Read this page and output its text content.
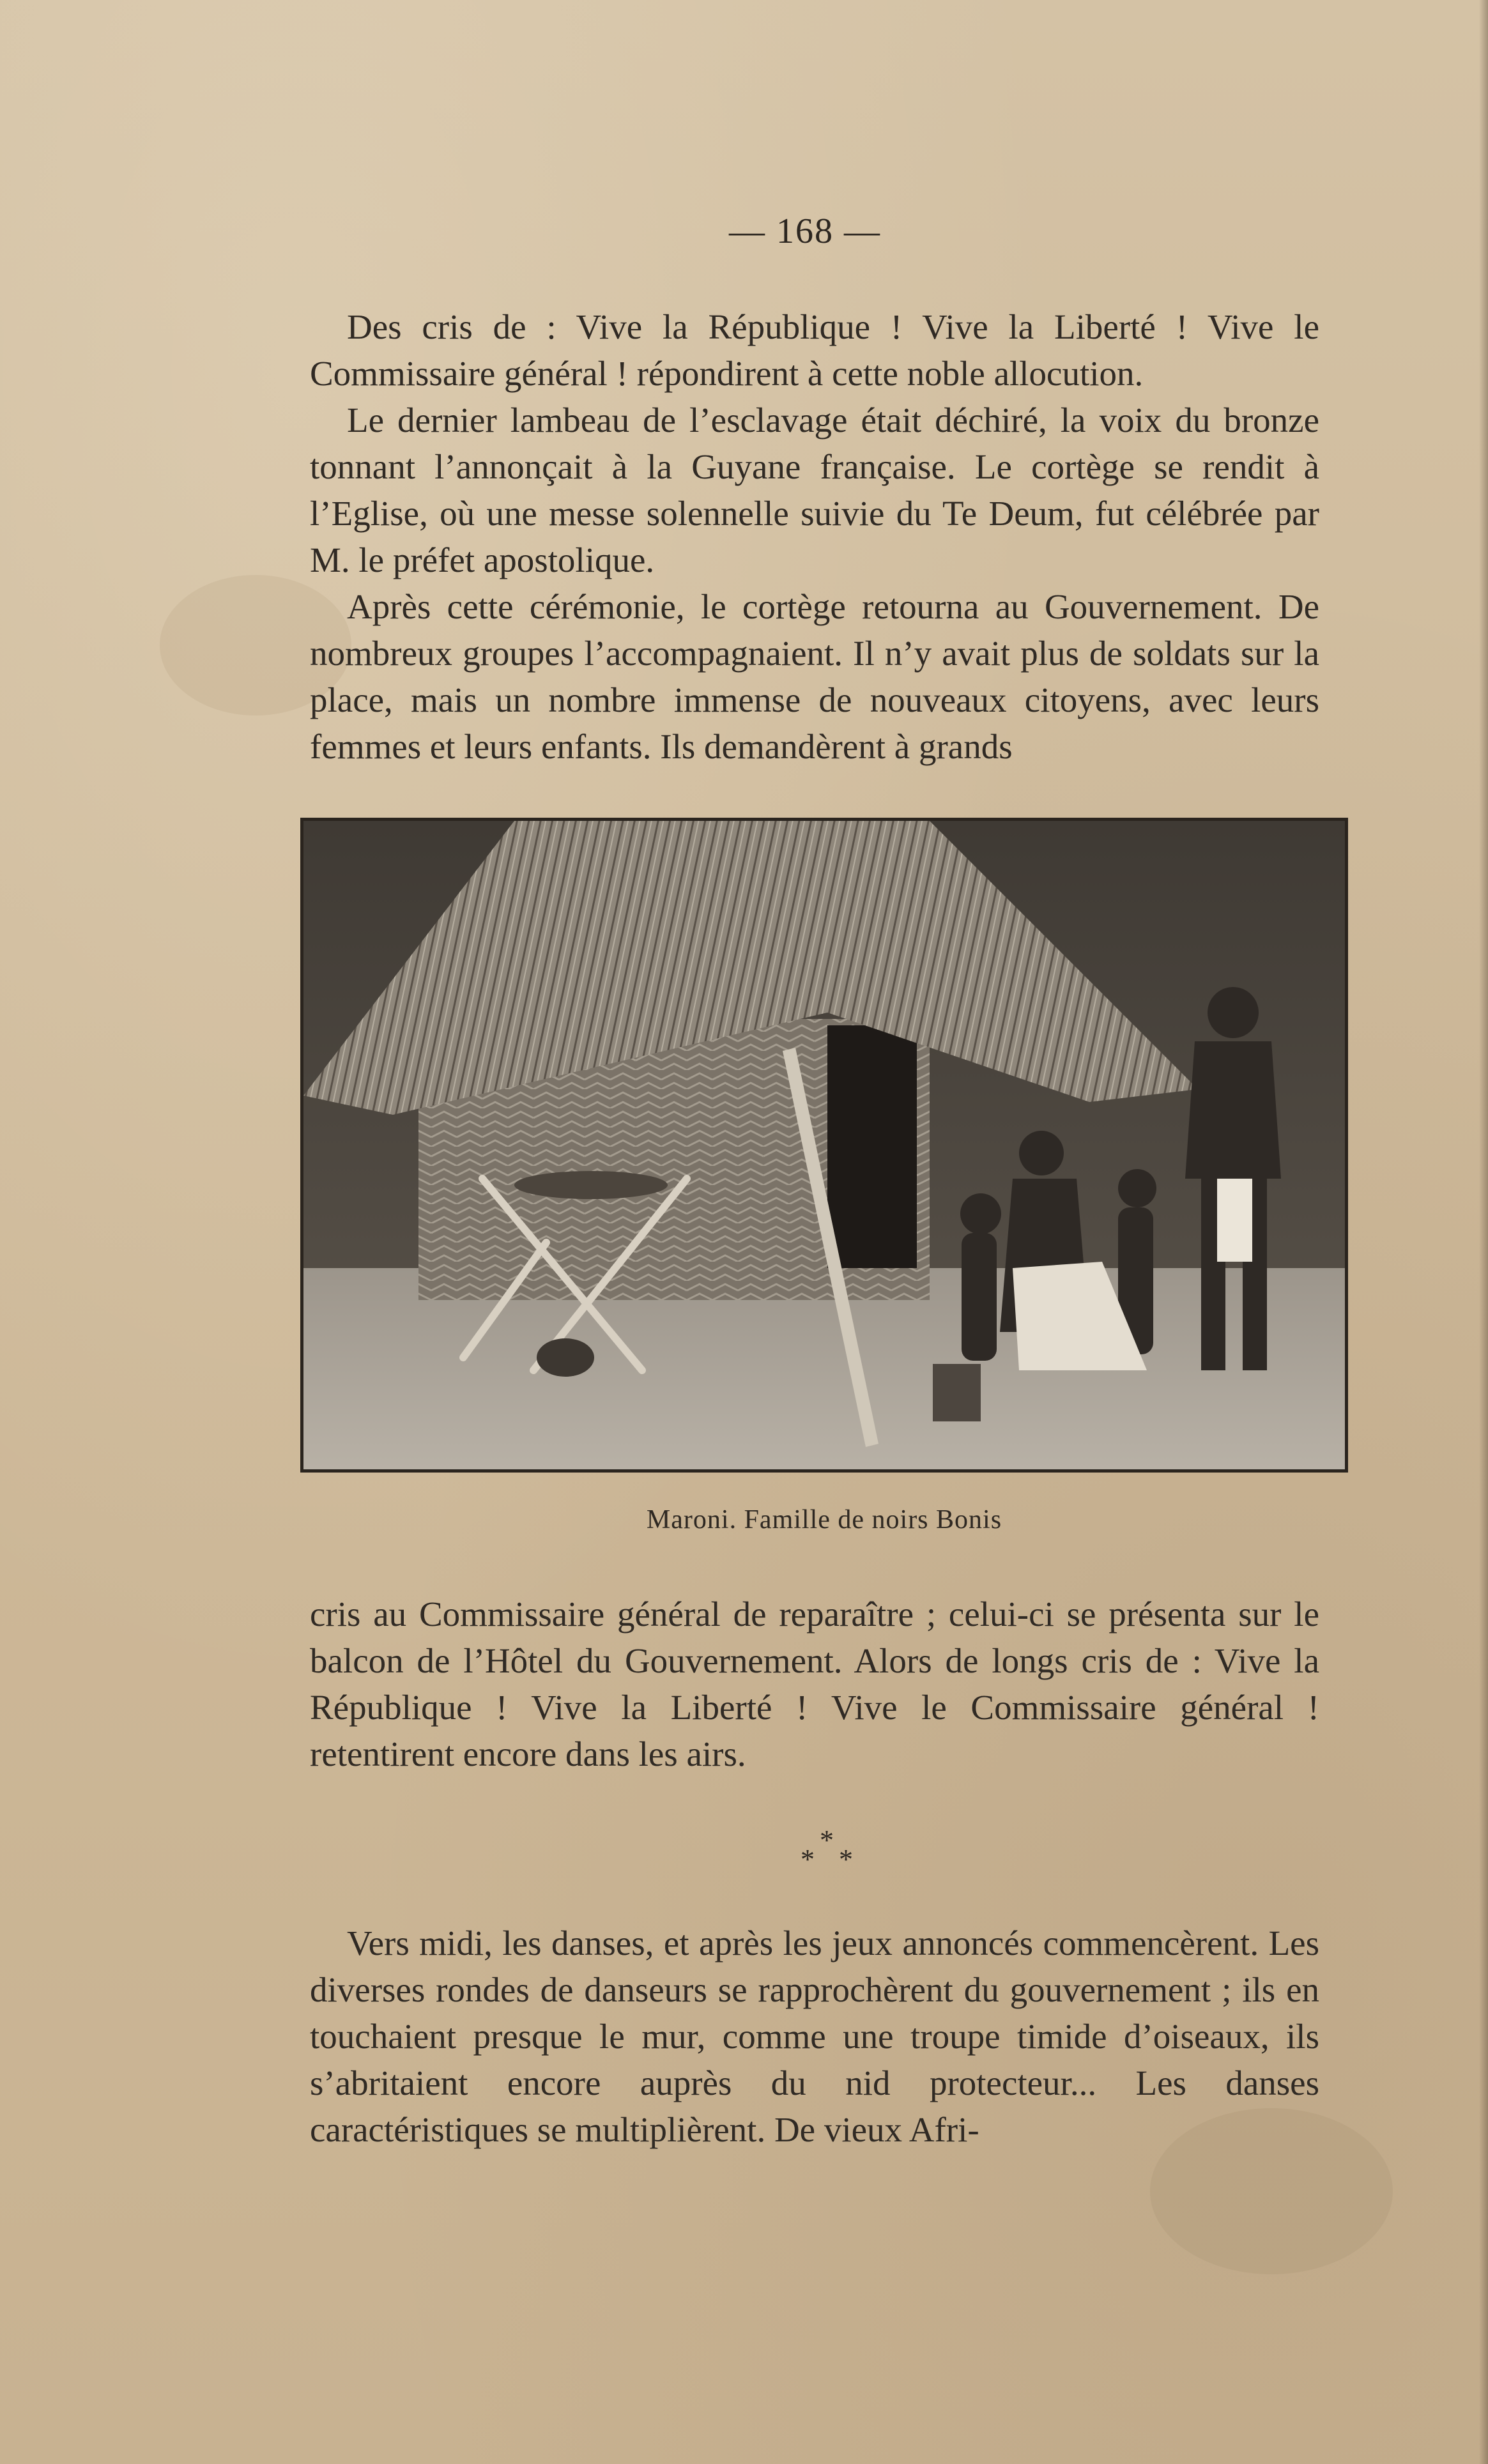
— 168 —

Des cris de : Vive la République ! Vive la Liberté ! Vive le Commissaire général ! répondirent à cette noble allocution.

Le dernier lambeau de l’esclavage était déchiré, la voix du bronze tonnant l’annonçait à la Guyane française. Le cortège se rendit à l’Eglise, où une messe solennelle suivie du Te Deum, fut célébrée par M. le préfet apostolique.

Après cette cérémonie, le cortège retourna au Gouvernement. De nombreux groupes l’accompagnaient. Il n’y avait plus de soldats sur la place, mais un nombre immense de nouveaux citoyens, avec leurs femmes et leurs enfants. Ils demandèrent à grands

Maroni. Famille de noirs Bonis

cris au Commissaire général de reparaître ; celui-ci se présenta sur le balcon de l’Hôtel du Gouvernement. Alors de longs cris de : Vive la République ! Vive la Liberté ! Vive le Commissaire général ! retentirent encore dans les airs.

*
* *

Vers midi, les danses, et après les jeux annoncés commencèrent. Les diverses rondes de danseurs se rapprochèrent du gouvernement ; ils en touchaient presque le mur, comme une troupe timide d’oiseaux, ils s’abritaient encore auprès du nid protecteur... Les danses caractéristiques se multiplièrent. De vieux Afri-
